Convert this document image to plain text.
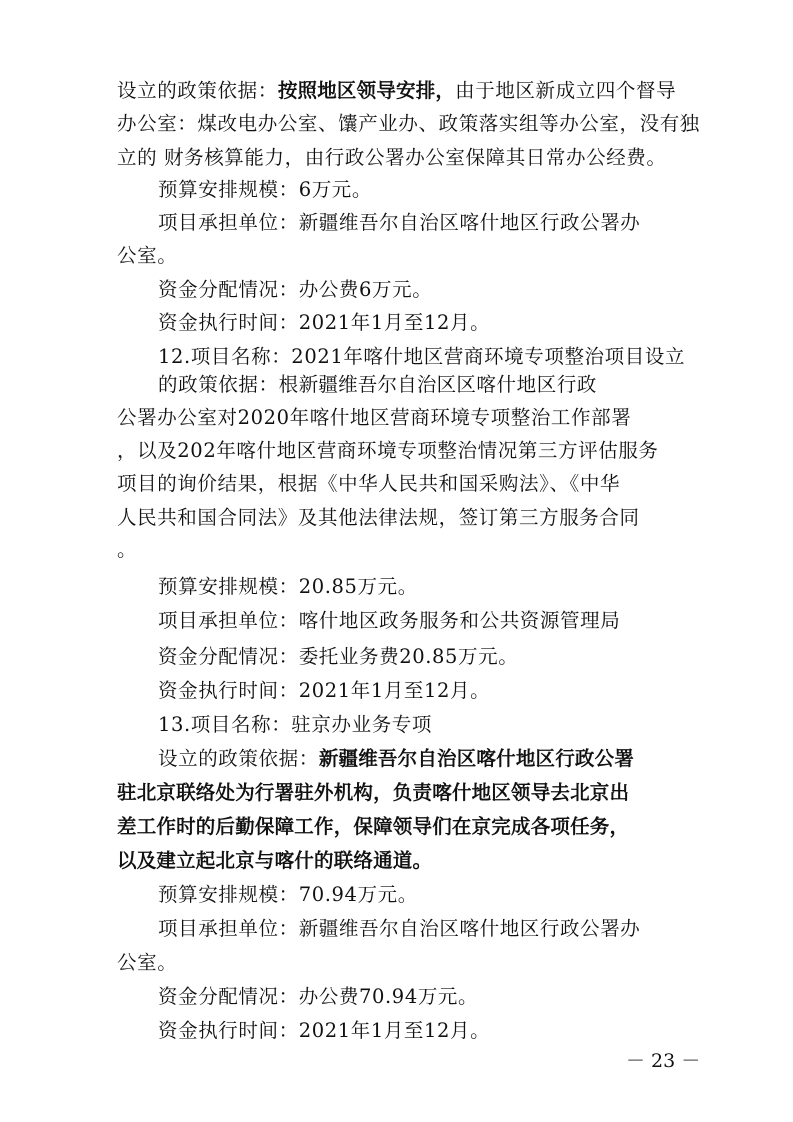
设立的政策依据：按照地区领导安排，由于地区新成立四个督导
办公室：煤改电办公室、馕产业办、政策落实组等办公室，没有独
立的 财务核算能力，由行政公署办公室保障其日常办公经费。
预算安排规模：6万元。
项目承担单位：新疆维吾尔自治区喀什地区行政公署办
公室。
资金分配情况：办公费6万元。
资金执行时间：2021年1月至12月。
12.项目名称：2021年喀什地区营商环境专项整治项目设立
的政策依据：根新疆维吾尔自治区区喀什地区行政
公署办公室对2020年喀什地区营商环境专项整治工作部署
，以及202年喀什地区营商环境专项整治情况第三方评估服务
项目的询价结果，根据《中华人民共和国采购法》、《中华
人民共和国合同法》及其他法律法规，签订第三方服务合同
。
预算安排规模：20.85万元。
项目承担单位：喀什地区政务服务和公共资源管理局
资金分配情况：委托业务费20.85万元。
资金执行时间：2021年1月至12月。
13.项目名称：驻京办业务专项
设立的政策依据：新疆维吾尔自治区喀什地区行政公署
驻北京联络处为行署驻外机构，负责喀什地区领导去北京出
差工作时的后勤保障工作，保障领导们在京完成各项任务，
以及建立起北京与喀什的联络通道。
预算安排规模：70.94万元。
项目承担单位：新疆维吾尔自治区喀什地区行政公署办
公室。
资金分配情况：办公费70.94万元。
资金执行时间：2021年1月至12月。
－ 23 －
